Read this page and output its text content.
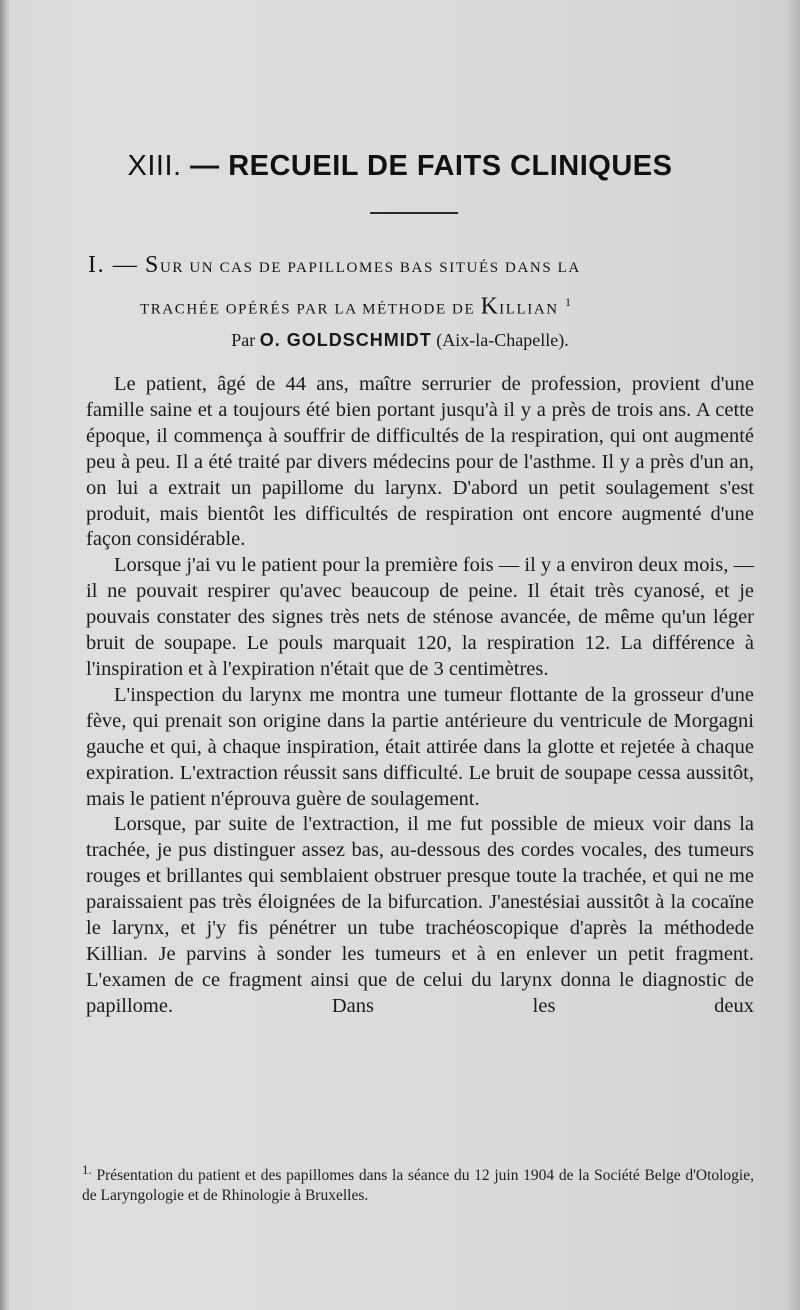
XIII. — RECUEIL DE FAITS CLINIQUES
I. — SUR UN CAS DE PAPILLOMES BAS SITUÉS DANS LA
TRACHÉE OPÉRÉS PAR LA MÉTHODE DE KILLIAN $^1$
Par O. GOLDSCHMIDT (Aix-la-Chapelle).

Le patient, âgé de 44 ans, maître serrurier de profession, provient d'une famille saine et a toujours été bien portant jusqu'à il y a près de trois ans. A cette époque, il commença à souffrir de difficultés de la respiration, qui ont augmenté peu à peu. Il a été traité par divers médecins pour de l'asthme. Il y a près d'un an, on lui a extrait un papillome du larynx. D'abord un petit soulagement s'est produit, mais bientôt les difficultés de respiration ont encore augmenté d'une façon considérable.

Lorsque j'ai vu le patient pour la première fois — il y a environ deux mois, — il ne pouvait respirer qu'avec beaucoup de peine. Il était très cyanosé, et je pouvais constater des signes très nets de sténose avancée, de même qu'un léger bruit de soupape. Le pouls marquait 120, la respiration 12. La différence à l'inspiration et à l'expiration n'était que de 3 centimètres.

L'inspection du larynx me montra une tumeur flottante de la grosseur d'une fève, qui prenait son origine dans la partie antérieure du ventricule de Morgagni gauche et qui, à chaque inspiration, était attirée dans la glotte et rejetée à chaque expiration. L'extraction réussit sans difficulté. Le bruit de soupape cessa aussitôt, mais le patient n'éprouva guère de soulagement.

Lorsque, par suite de l'extraction, il me fut possible de mieux voir dans la trachée, je pus distinguer assez bas, au-dessous des cordes vocales, des tumeurs rouges et brillantes qui semblaient obstruer presque toute la trachée, et qui ne me paraissaient pas très éloignées de la bifurcation. J'anestésiai aussitôt à la cocaïne le larynx, et j'y fis pénétrer un tube trachéoscopique d'après la méthodede Killian. Je parvins à sonder les tumeurs et à en enlever un petit fragment. L'examen de ce fragment ainsi que de celui du larynx donna le diagnostic de papillome. Dans les deux

$^{1.}$ Présentation du patient et des papillomes dans la séance du 12 juin 1904 de la Société Belge d'Otologie, de Laryngologie et de Rhinologie à Bruxelles.
